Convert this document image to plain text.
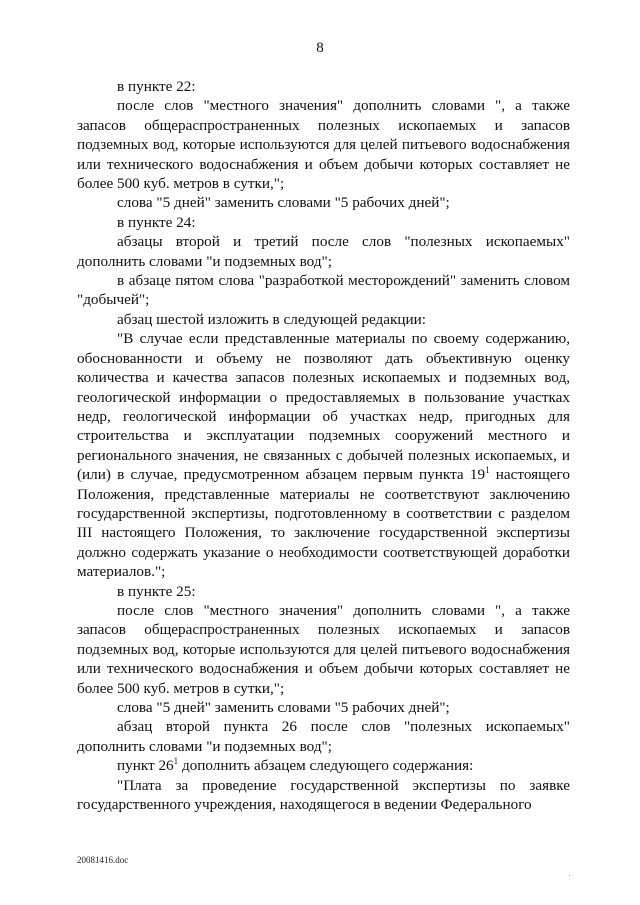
8

в пункте 22:

после слов "местного значения" дополнить словами ", а также запасов общераспространенных полезных ископаемых и запасов подземных вод, которые используются для целей питьевого водоснабжения или технического водоснабжения и объем добычи которых составляет не более 500 куб. метров в сутки,";

слова "5 дней" заменить словами "5 рабочих дней";

в пункте 24:

абзацы второй и третий после слов "полезных ископаемых" дополнить словами "и подземных вод";

в абзаце пятом слова "разработкой месторождений" заменить словом "добычей";

абзац шестой изложить в следующей редакции:

"В случае если представленные материалы по своему содержанию, обоснованности и объему не позволяют дать объективную оценку количества и качества запасов полезных ископаемых и подземных вод, геологической информации о предоставляемых в пользование участках недр, геологической информации об участках недр, пригодных для строительства и эксплуатации подземных сооружений местного и регионального значения, не связанных с добычей полезных ископаемых, и (или) в случае, предусмотренном абзацем первым пункта $19^1$ настоящего Положения, представленные материалы не соответствуют заключению государственной экспертизы, подготовленному в соответствии с разделом III настоящего Положения, то заключение государственной экспертизы должно содержать указание о необходимости соответствующей доработки материалов.";

в пункте 25:

после слов "местного значения" дополнить словами ", а также запасов общераспространенных полезных ископаемых и запасов подземных вод, которые используются для целей питьевого водоснабжения или технического водоснабжения и объем добычи которых составляет не более 500 куб. метров в сутки,";

слова "5 дней" заменить словами "5 рабочих дней";

абзац второй пункта 26 после слов "полезных ископаемых" дополнить словами "и подземных вод";

пункт $26^1$ дополнить абзацем следующего содержания:

"Плата за проведение государственной экспертизы по заявке государственного учреждения, находящегося в ведении Федерального

20081416.doc
·
